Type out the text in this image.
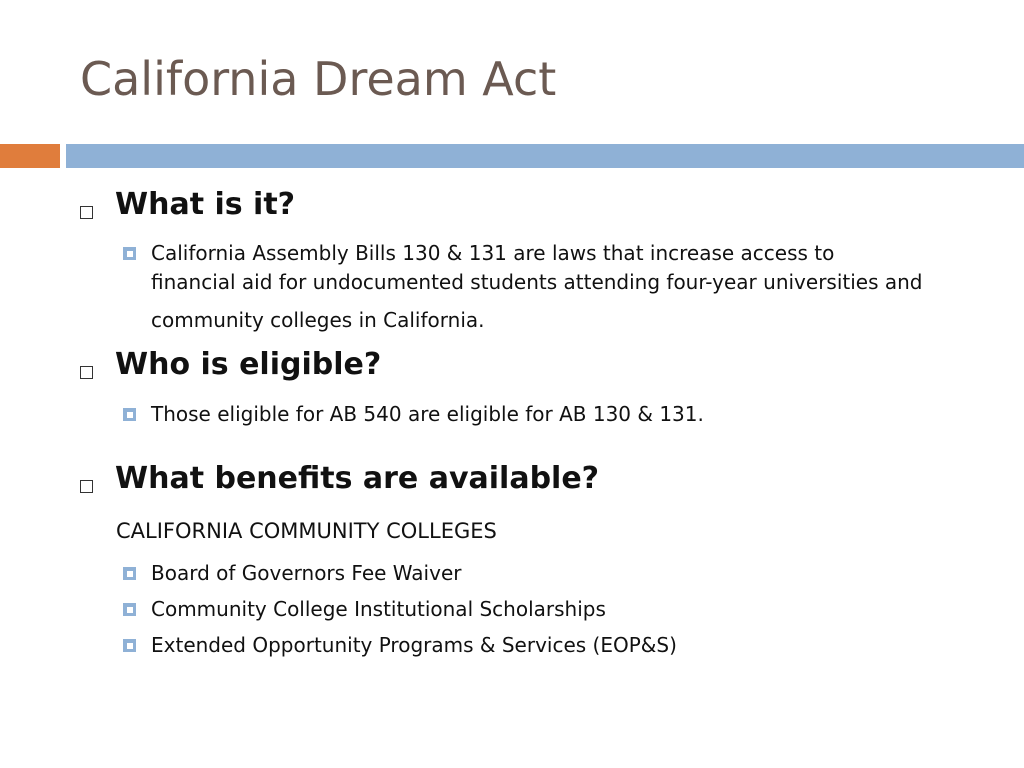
California Dream Act
What is it?
California Assembly Bills 130 & 131 are laws that increase access to
financial aid for undocumented students attending four-year universities and
community colleges in California.
Who is eligible?
Those eligible for AB 540 are eligible for AB 130 & 131.
What benefits are available?
CALIFORNIA COMMUNITY COLLEGES
Board of Governors Fee Waiver
Community College Institutional Scholarships
Extended Opportunity Programs & Services (EOP&S)
